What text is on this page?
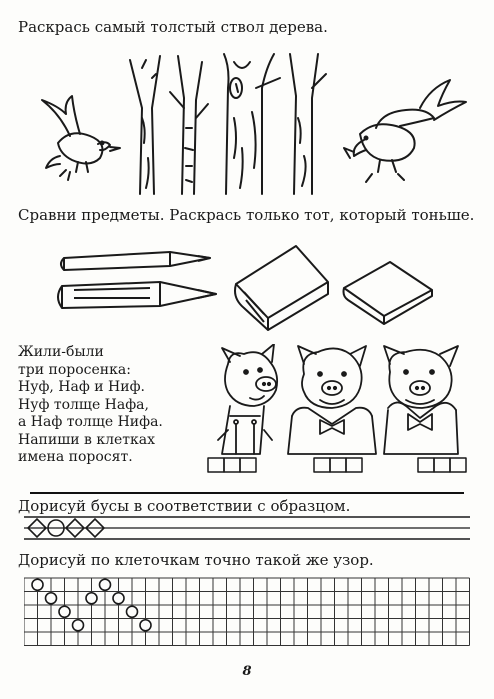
Раскрась самый толстый ствол дерева.
Сравни предметы. Раскрась только тот, который тоньше.
Жили-были
три поросенка:
Нуф, Наф и Ниф.
Нуф толще Нафа,
а Наф толще Нифа.
Напиши в клетках
имена поросят.
Дорисуй бусы в соответствии с образцом.
Дорисуй по клеточкам точно такой же узор.
8
